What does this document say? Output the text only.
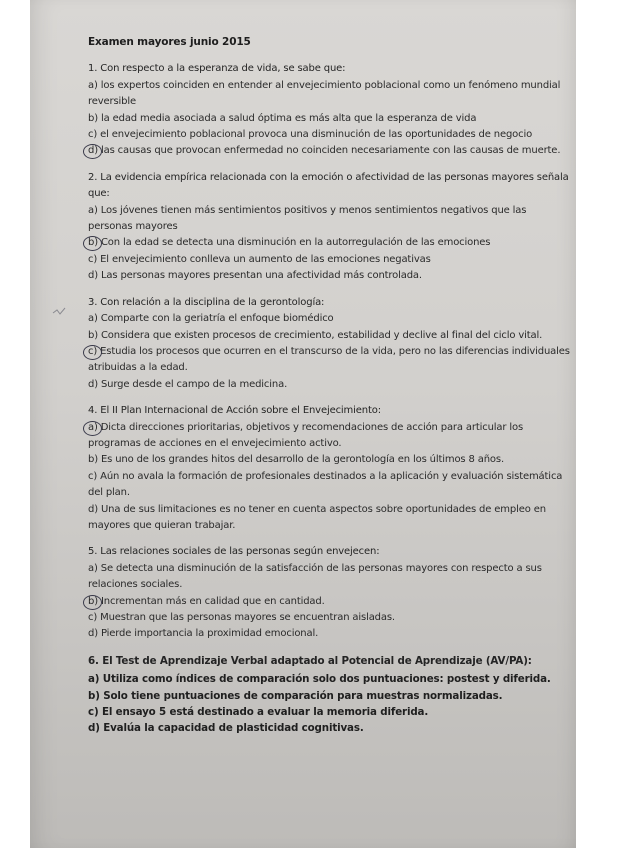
Examen mayores junio 2015
1. Con respecto a la esperanza de vida, se sabe que:
a) los expertos coinciden en entender al envejecimiento poblacional como un fenómeno mundial reversible
b) la edad media asociada a salud óptima es más alta que la esperanza de vida
c) el envejecimiento poblacional provoca una disminución de las oportunidades de negocio
d) las causas que provocan enfermedad no coinciden necesariamente con las causas de muerte.
2. La evidencia empírica relacionada con la emoción o afectividad de las personas mayores señala que:
a) Los jóvenes tienen más sentimientos positivos y menos sentimientos negativos que las personas mayores
b) Con la edad se detecta una disminución en la autorregulación de las emociones
c) El envejecimiento conlleva un aumento de las emociones negativas
d) Las personas mayores presentan una afectividad más controlada.
3. Con relación a la disciplina de la gerontología:
a) Comparte con la geriatría el enfoque biomédico
b) Considera que existen procesos de crecimiento, estabilidad y declive al final del ciclo vital.
c) Estudia los procesos que ocurren en el transcurso de la vida, pero no las diferencias individuales atribuidas a la edad.
d) Surge desde el campo de la medicina.
4. El II Plan Internacional de Acción sobre el Envejecimiento:
a) Dicta direcciones prioritarias, objetivos y recomendaciones de acción para articular los programas de acciones en el envejecimiento activo.
b) Es uno de los grandes hitos del desarrollo de la gerontología en los últimos 8 años.
c) Aún no avala la formación de profesionales destinados a la aplicación y evaluación sistemática del plan.
d) Una de sus limitaciones es no tener en cuenta aspectos sobre oportunidades de empleo en mayores que quieran trabajar.
5. Las relaciones sociales de las personas según envejecen:
a) Se detecta una disminución de la satisfacción de las personas mayores con respecto a sus relaciones sociales.
b) Incrementan más en calidad que en cantidad.
c) Muestran que las personas mayores se encuentran aisladas.
d) Pierde importancia la proximidad emocional.
6. El Test de Aprendizaje Verbal adaptado al Potencial de Aprendizaje (AV/PA):
a) Utiliza como índices de comparación solo dos puntuaciones: postest y diferida.
b) Solo tiene puntuaciones de comparación para muestras normalizadas.
c) El ensayo 5 está destinado a evaluar la memoria diferida.
d) Evalúa la capacidad de plasticidad cognitivas.
